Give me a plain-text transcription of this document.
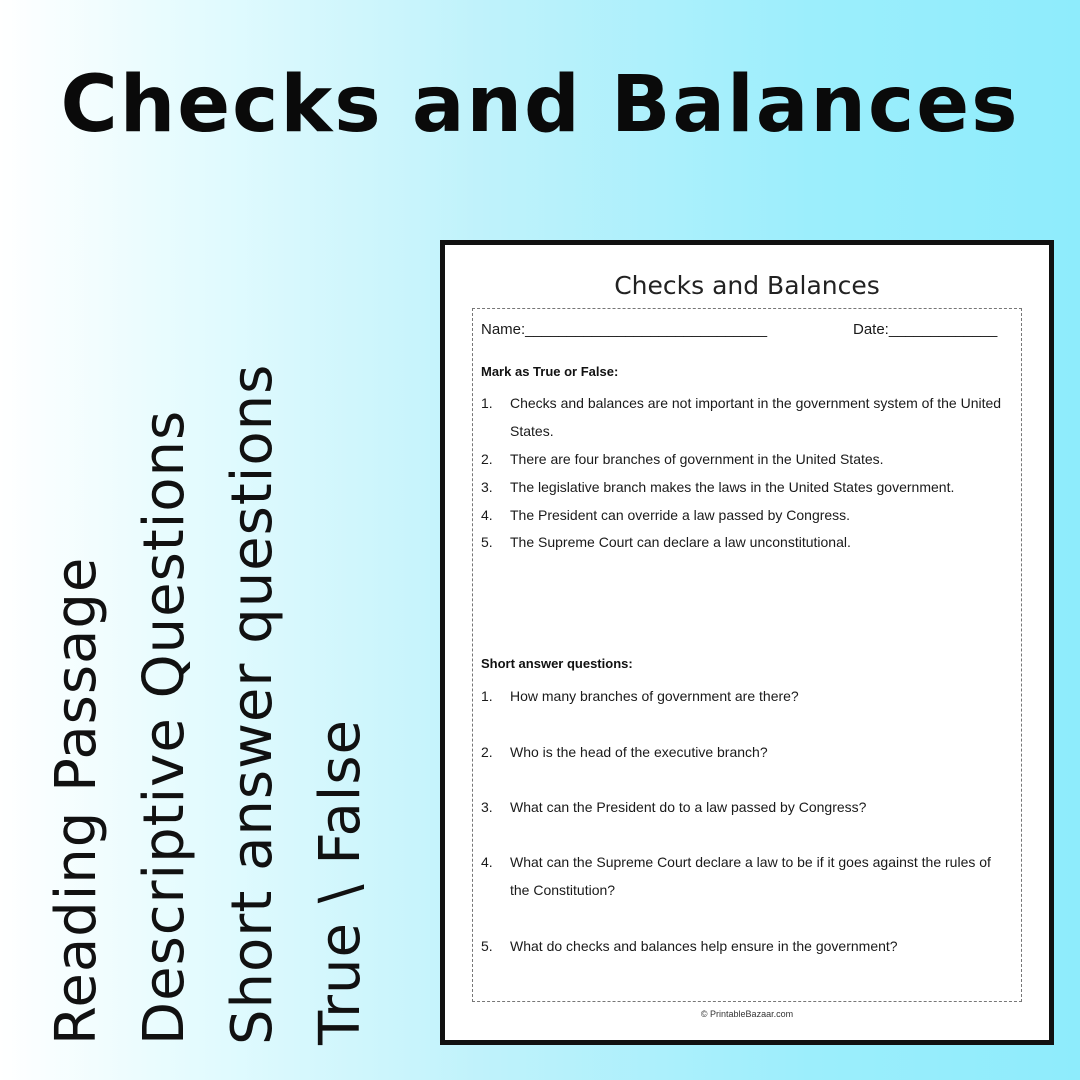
Checks and Balances
Reading Passage Descriptive Questions Short answer questions True \ False
Checks and Balances
Name:_____________________________	Date:_____________
Mark as True or False:
1.	Checks and balances are not important in the government system of the United States.
2.	There are four branches of government in the United States.
3.	The legislative branch makes the laws in the United States government.
4.	The President can override a law passed by Congress.
5.	The Supreme Court can declare a law unconstitutional.
Short answer questions:
1.	How many branches of government are there?
2.	Who is the head of the executive branch?
3.	What can the President do to a law passed by Congress?
4.	What can the Supreme Court declare a law to be if it goes against the rules of the Constitution?
5.	What do checks and balances help ensure in the government?
© PrintableBazaar.com
